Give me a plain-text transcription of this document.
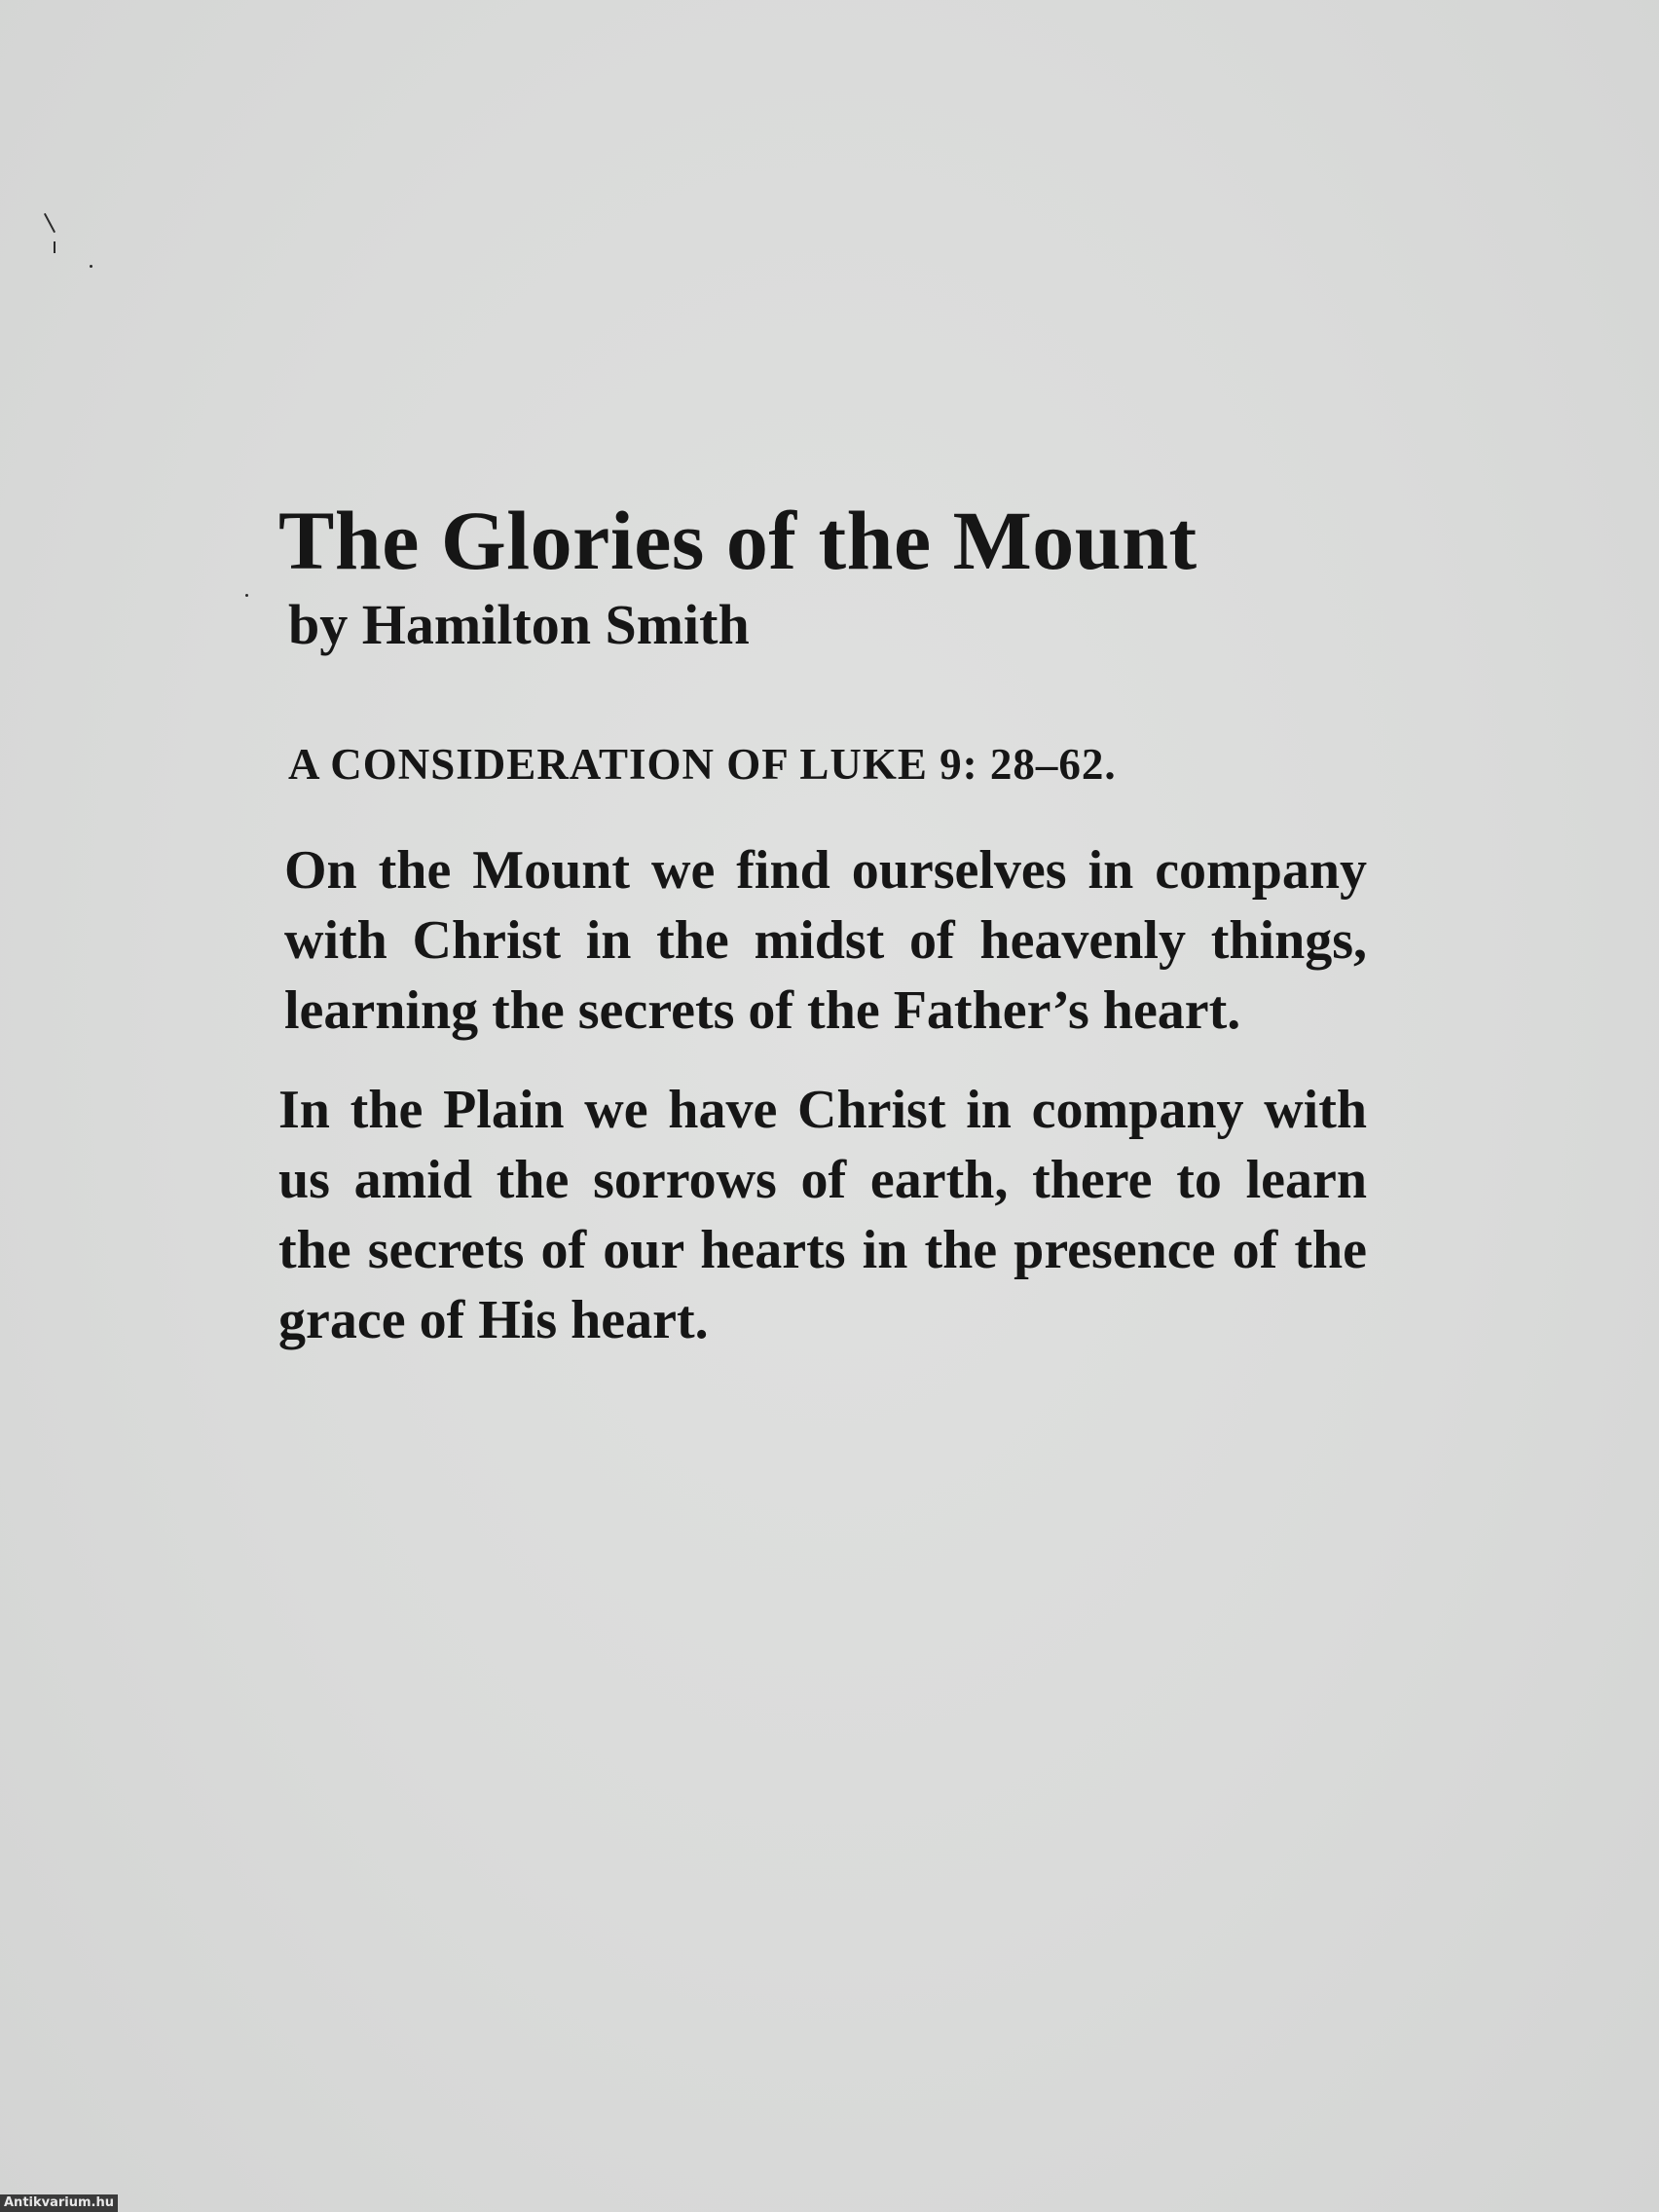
The Glories of the Mount

by Hamilton Smith

A CONSIDERATION OF LUKE 9: 28–62.

On the Mount we find ourselves in company with Christ in the midst of heavenly things, learning the secrets of the Father’s heart.

In the Plain we have Christ in company with us amid the sorrows of earth, there to learn the secrets of our hearts in the presence of the grace of His heart.

Antikvarium.hu
